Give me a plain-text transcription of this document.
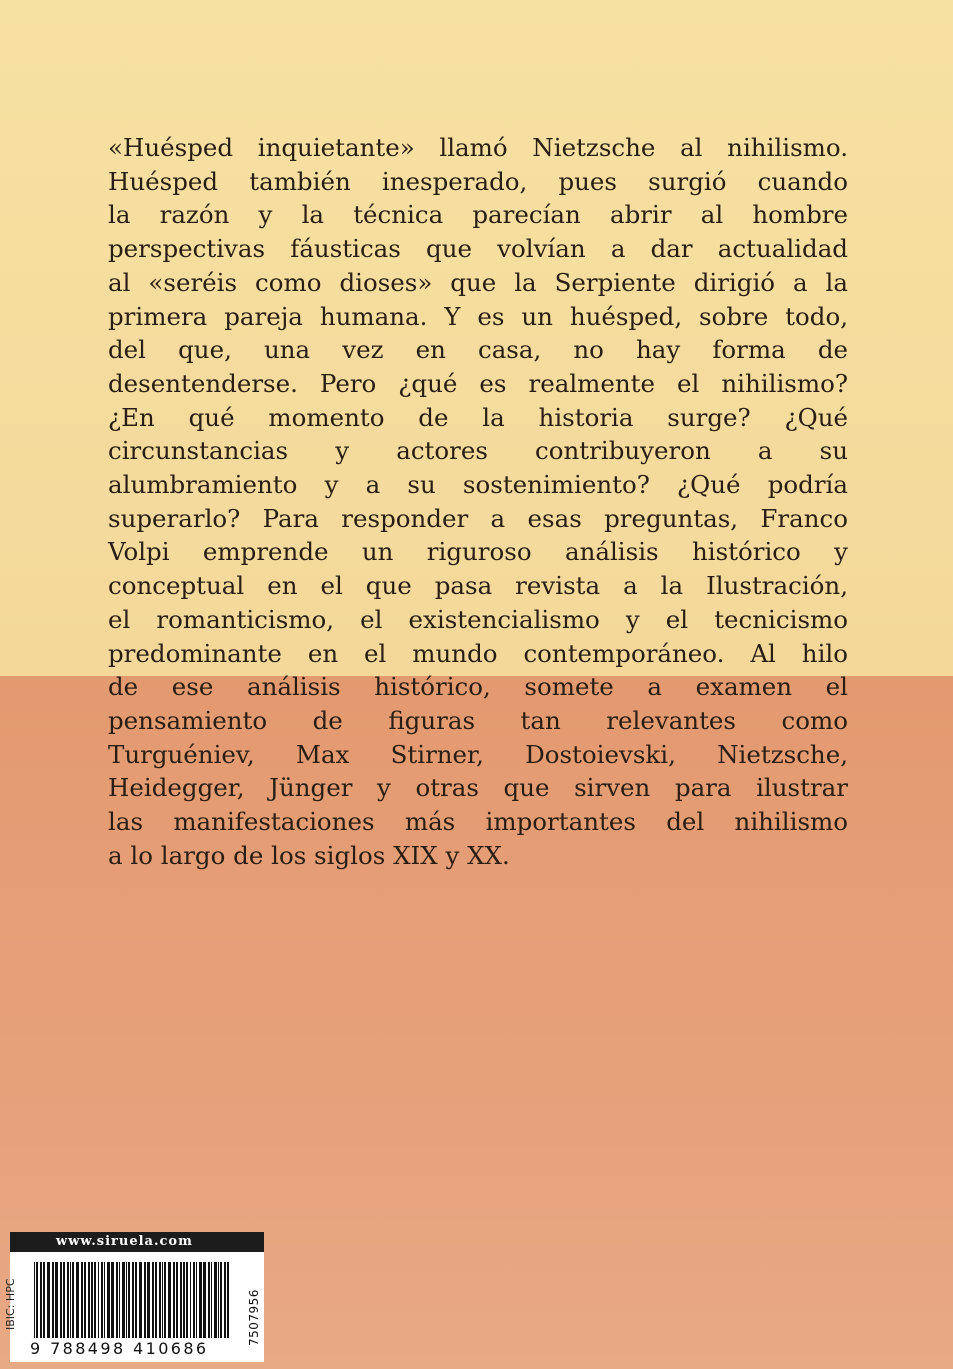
«Huésped inquietante» llamó Nietzsche al nihilismo.
Huésped también inesperado, pues surgió cuando
la razón y la técnica parecían abrir al hombre
perspectivas fáusticas que volvían a dar actualidad
al «seréis como dioses» que la Serpiente dirigió a la
primera pareja humana. Y es un huésped, sobre todo,
del que, una vez en casa, no hay forma de
desentenderse. Pero ¿qué es realmente el nihilismo?
¿En qué momento de la historia surge? ¿Qué
circunstancias y actores contribuyeron a su
alumbramiento y a su sostenimiento? ¿Qué podría
superarlo? Para responder a esas preguntas, Franco
Volpi emprende un riguroso análisis histórico y
conceptual en el que pasa revista a la Ilustración,
el romanticismo, el existencialismo y el tecnicismo
predominante en el mundo contemporáneo. Al hilo
de ese análisis histórico, somete a examen el
pensamiento de figuras tan relevantes como
Turguéniev, Max Stirner, Dostoievski, Nietzsche,
Heidegger, Jünger y otras que sirven para ilustrar
las manifestaciones más importantes del nihilismo
a lo largo de los siglos XIX y XX.
www.siruela.com
IBIC: HPC
9 788498 410686
7507956
